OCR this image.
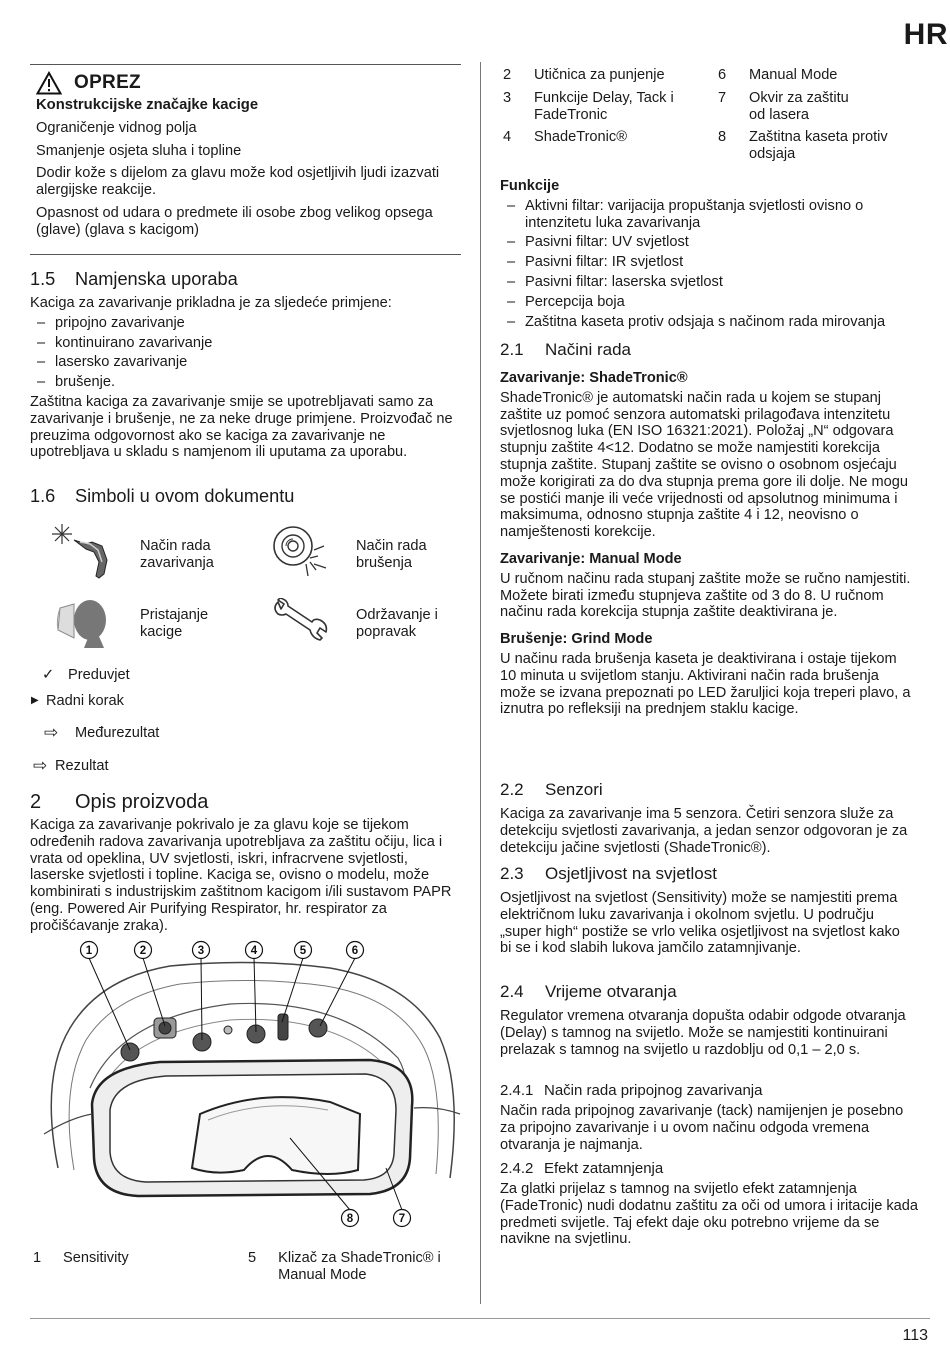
HR
OPREZ

Konstrukcijske značajke kacige

Ograničenje vidnog polja

Smanjenje osjeta sluha i topline

Dodir kože s dijelom za glavu može kod osjetljivih ljudi izazvati alergijske reakcije.

Opasnost od udara o predmete ili osobe zbog velikog opsega (glave) (glava s kacigom)

1.5	Namjenska uporaba

Kaciga za zavarivanje prikladna je za sljedeće primjene:

– pripojno zavarivanje
– kontinuirano zavarivanje
– lasersko zavarivanje
– brušenje.

Zaštitna kaciga za zavarivanje smije se upotrebljavati samo za zavarivanje i brušenje, ne za neke druge primjene. Proizvođač ne preuzima odgovornost ako se kaciga za zavarivanje ne upotrebljava u skladu s namjenom ili uputama za uporabu.

1.6	Simboli u ovom dokumentu
Način rada zavarivanja
Način rada brušenja
Pristajanje kacige
Održavanje i popravak
✓ Preduvjet
▶ Radni korak
⇨	Međurezultat
⇨ Rezultat
2	Opis proizvoda

Kaciga za zavarivanje pokrivalo je za glavu koje se tijekom određenih radova zavarivanja upotrebljava za zaštitu očiju, lica i vrata od opeklina, UV svjetlosti, iskri, infracrvene svjetlosti, laserske svjetlosti i topline. Kaciga se, ovisno o modelu, može kombinirati s industrijskim zaštitnom kacigom i/ili sustavom PAPR (eng. Powered Air Purifying Respirator, hr. respirator za pročišćavanje zraka).

1	2	3	4	5	6
8	7
1	Sensitivity	5	Klizač za ShadeTronic® i Manual Mode
2	Utičnica za punjenje	6	Manual Mode
3	Funkcije Delay, Tack i FadeTronic	7	Okvir za zaštitu od lasera
4	ShadeTronic®	8	Zaštitna kaseta protiv odsjaja

Funkcije

– Aktivni filtar: varijacija propuštanja svjetlosti ovisno o intenzitetu luka zavarivanja
– Pasivni filtar: UV svjetlost
– Pasivni filtar: IR svjetlost
– Pasivni filtar: laserska svjetlost
– Percepcija boja
– Zaštitna kaseta protiv odsjaja s načinom rada mirovanja
2.1	Načini rada

Zavarivanje: ShadeTronic®

ShadeTronic® je automatski način rada u kojem se stupanj zaštite uz pomoć senzora automatski prilagođava intenzitetu svjetlosnog luka (EN ISO 16321:2021). Položaj „N“ odgovara stupnju zaštite 4<12. Dodatno se može namjestiti korekcija stupnja zaštite. Stupanj zaštite se ovisno o osobnom osjećaju može korigirati za do dva stupnja prema gore ili dolje. Ne mogu se postići manje ili veće vrijednosti od apsolutnog minimuma i maksimuma, odnosno stupnja zaštite 4 i 12, neovisno o namještenosti korekcije.

Zavarivanje: Manual Mode

U ručnom načinu rada stupanj zaštite može se ručno namjestiti. Možete birati između stupnjeva zaštite od 3 do 8. U ručnom načinu rada korekcija stupnja zaštite deaktivirana je.

Brušenje: Grind Mode

U načinu rada brušenja kaseta je deaktivirana i ostaje tijekom 10 minuta u svijetlom stanju. Aktivirani način rada brušenja može se izvana prepoznati po LED žaruljici koja treperi plavo, a iznutra po refleksiji na prednjem staklu kacige.

2.2	Senzori

Kaciga za zavarivanje ima 5 senzora. Četiri senzora služe za detekciju svjetlosti zavarivanja, a jedan senzor odgovoran je za detekciju jačine svjetlosti (ShadeTronic®).

2.3	Osjetljivost na svjetlost

Osjetljivost na svjetlost (Sensitivity) može se namjestiti prema električnom luku zavarivanja i okolnom svjetlu. U području „super high“ postiže se vrlo velika osjetljivost na svjetlost kako bi se i kod slabih lukova jamčilo zatamnjivanje.

2.4	Vrijeme otvaranja

Regulator vremena otvaranja dopušta odabir odgode otvaranja (Delay) s tamnog na svijetlo. Može se namjestiti kontinuirani prelazak s tamnog na svijetlo u razdoblju od 0,1 – 2,0 s.

2.4.1 Način rada pripojnog zavarivanja

Način rada pripojnog zavarivanje (tack) namijenjen je posebno za pripojno zavarivanje i u ovom načinu odgoda vremena otvaranja je najmanja.

2.4.2 Efekt zatamnjenja

Za glatki prijelaz s tamnog na svijetlo efekt zatamnjenja (FadeTronic) nudi dodatnu zaštitu za oči od umora i iritacije kada predmeti svijetle. Taj efekt daje oku potrebno vrijeme da se navikne na svjetlinu.

113
